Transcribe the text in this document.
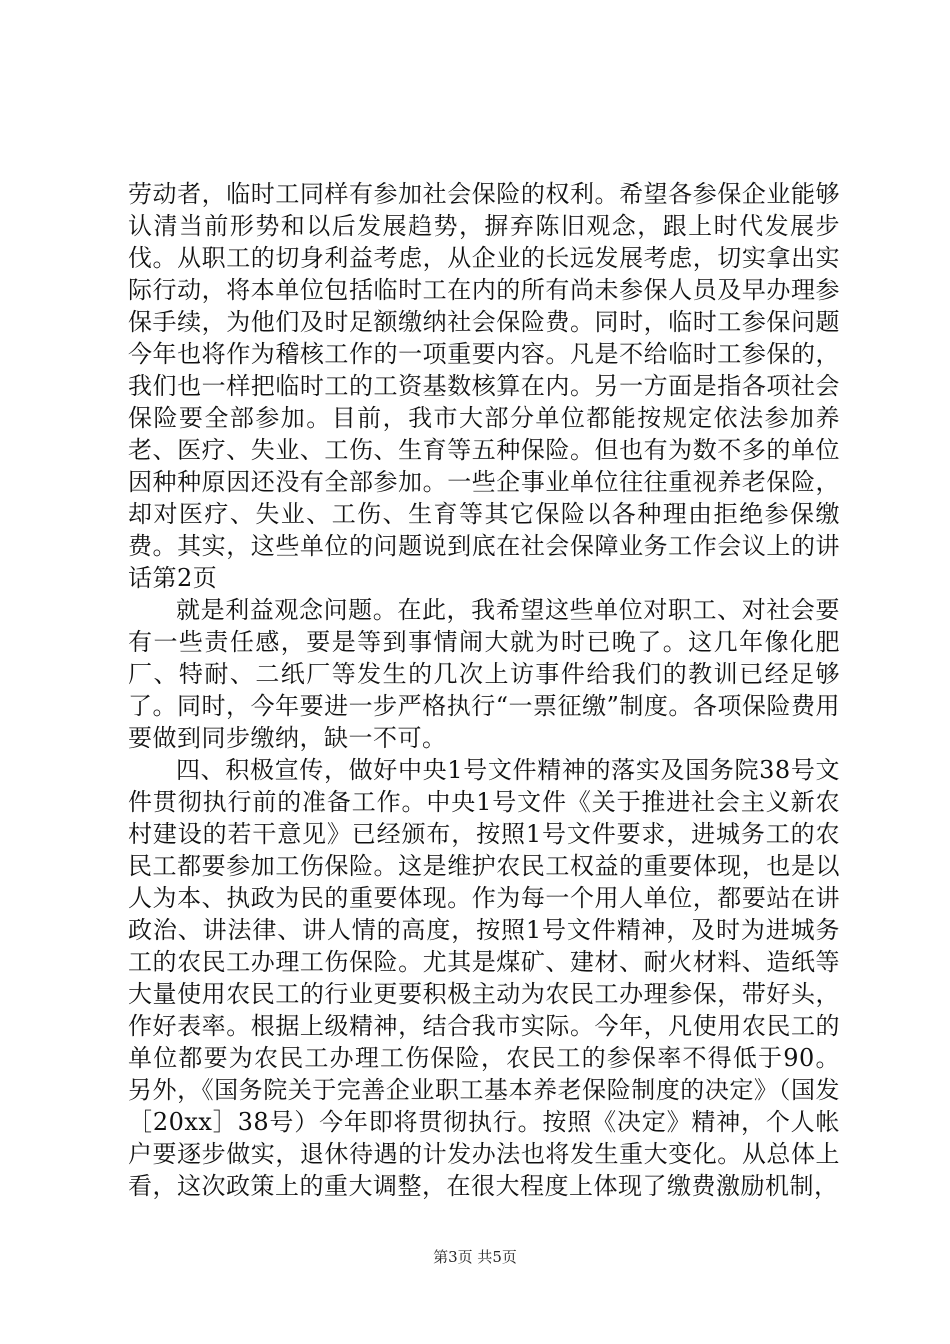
劳动者，临时工同样有参加社会保险的权利。希望各参保企业能够认清当前形势和以后发展趋势，摒弃陈旧观念，跟上时代发展步伐。从职工的切身利益考虑，从企业的长远发展考虑，切实拿出实际行动，将本单位包括临时工在内的所有尚未参保人员及早办理参保手续，为他们及时足额缴纳社会保险费。同时，临时工参保问题今年也将作为稽核工作的一项重要内容。凡是不给临时工参保的，我们也一样把临时工的工资基数核算在内。另一方面是指各项社会保险要全部参加。目前，我市大部分单位都能按规定依法参加养老、医疗、失业、工伤、生育等五种保险。但也有为数不多的单位因种种原因还没有全部参加。一些企事业单位往往重视养老保险，却对医疗、失业、工伤、生育等其它保险以各种理由拒绝参保缴费。其实，这些单位的问题说到底在社会保障业务工作会议上的讲话第2页

就是利益观念问题。在此，我希望这些单位对职工、对社会要有一些责任感，要是等到事情闹大就为时已晚了。这几年像化肥厂、特耐、二纸厂等发生的几次上访事件给我们的教训已经足够了。同时，今年要进一步严格执行“一票征缴”制度。各项保险费用要做到同步缴纳，缺一不可。

四、积极宣传，做好中央1号文件精神的落实及国务院38号文件贯彻执行前的准备工作。中央1号文件《关于推进社会主义新农村建设的若干意见》已经颁布，按照1号文件要求，进城务工的农民工都要参加工伤保险。这是维护农民工权益的重要体现，也是以人为本、执政为民的重要体现。作为每一个用人单位，都要站在讲政治、讲法律、讲人情的高度，按照1号文件精神，及时为进城务工的农民工办理工伤保险。尤其是煤矿、建材、耐火材料、造纸等大量使用农民工的行业更要积极主动为农民工办理参保，带好头，作好表率。根据上级精神，结合我市实际。今年，凡使用农民工的单位都要为农民工办理工伤保险，农民工的参保率不得低于90。另外，《国务院关于完善企业职工基本养老保险制度的决定》（国发［20xx］38号）今年即将贯彻执行。按照《决定》精神，个人帐户要逐步做实，退休待遇的计发办法也将发生重大变化。从总体上看，这次政策上的重大调整，在很大程度上体现了缴费激励机制，

第3页 共5页
